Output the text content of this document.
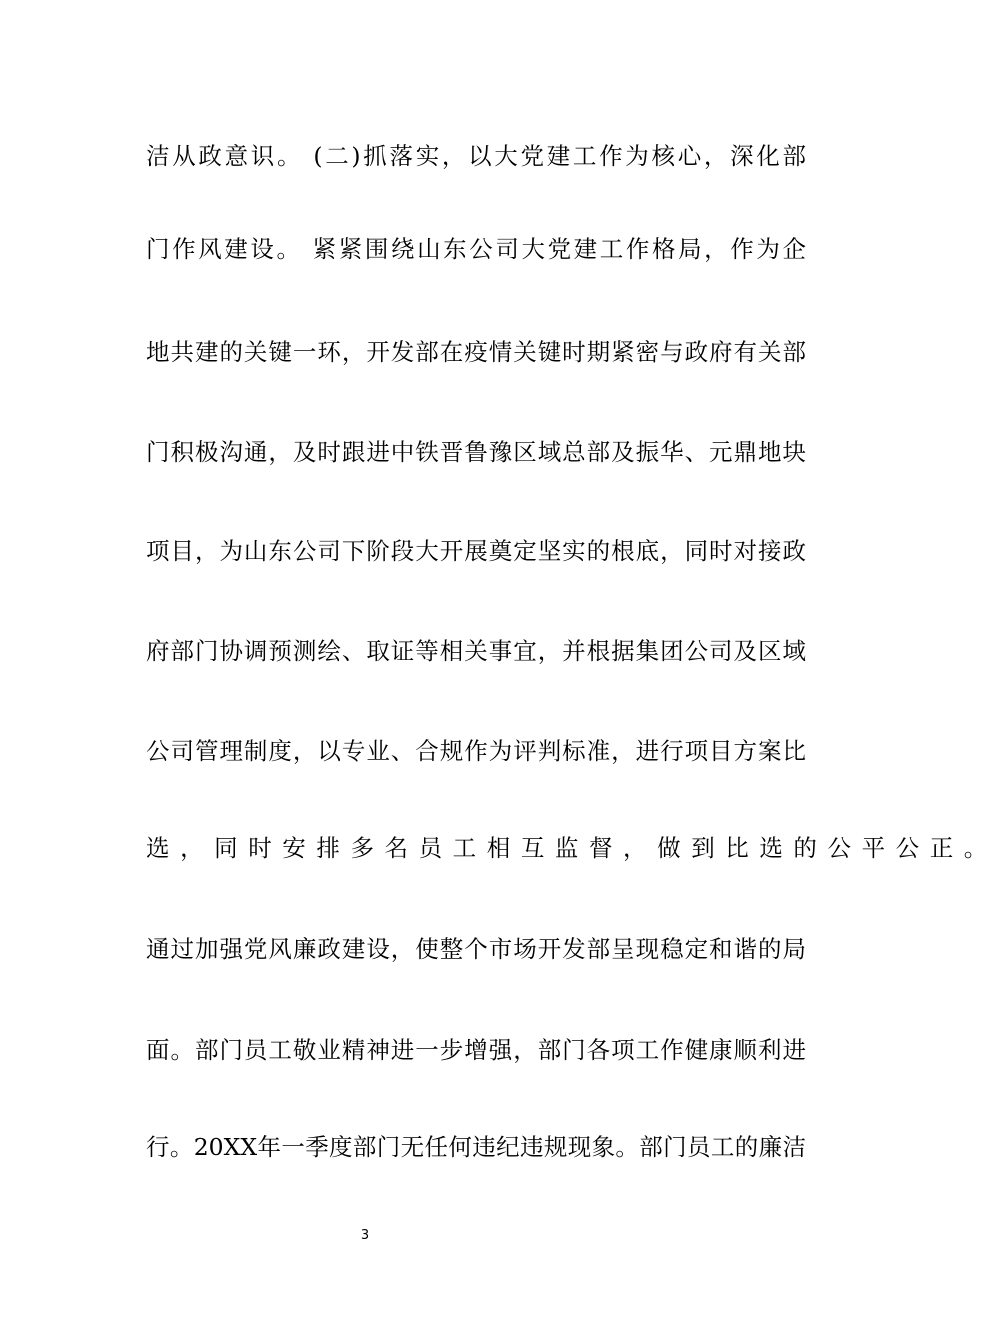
洁从政意识。 (二)抓落实，以大党建工作为核心，深化部
门作风建设。 紧紧围绕山东公司大党建工作格局，作为企
地共建的关键一环，开发部在疫情关键时期紧密与政府有关部
门积极沟通，及时跟进中铁晋鲁豫区域总部及振华、元鼎地块
项目，为山东公司下阶段大开展奠定坚实的根底，同时对接政
府部门协调预测绘、取证等相关事宜，并根据集团公司及区域
公司管理制度，以专业、合规作为评判标准，进行项目方案比
选，同时安排多名员工相互监督，做到比选的公平公正。
通过加强党风廉政建设，使整个市场开发部呈现稳定和谐的局
面。部门员工敬业精神进一步增强，部门各项工作健康顺利进
行。20XX年一季度部门无任何违纪违规现象。部门员工的廉洁
3
